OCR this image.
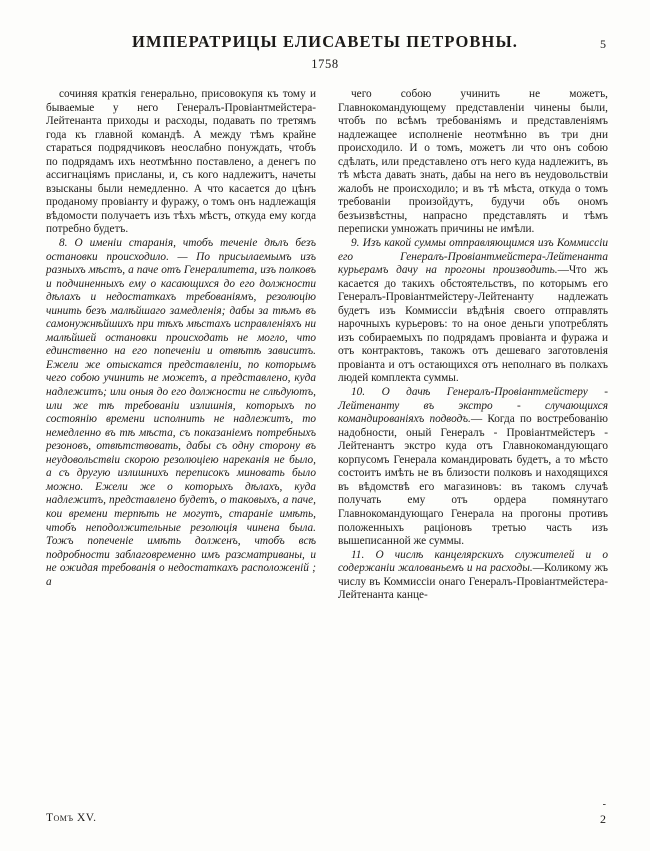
ИМПЕРАТРИЦЫ ЕЛИСАВЕТЫ ПЕТРОВНЫ.	5
1758

сочиняя краткія генерально, присовокупя къ тому и бываемые у него Генералъ-Провіантмейстера-Лейтенанта приходы и расходы, подавать по третямъ года къ главной командѣ. А между тѣмъ крайне стараться подрядчиковъ неослабно понуждать, чтобъ по подрядамъ ихъ неотмѣнно поставлено, а денегъ по ассигнаціямъ присланы, и, съ кого надлежитъ, начеты взысканы были немедленно. А что касается до цѣнъ проданому провіанту и фуражу, о томъ онъ надлежащія вѣдомости получаетъ изъ тѣхъ мѣстъ, откуда ему когда потребно будетъ.

8. О именіи старанія, чтобъ теченіе дѣлъ безъ остановки происходило. — По присылаемымъ изъ разныхъ мѣстъ, а паче отъ Генералитета, изъ полковъ и подчиненныхъ ему о касающихся до его должности дѣлахъ и недостаткахъ требованіямъ, резолюцію чинить безъ малѣйшаго замедленія; дабы за тѣмъ въ самонужнѣйшихъ при тѣхъ мѣстахъ исправленіяхъ ни малѣйшей остановки происходать не могло, что единственно на его попеченіи и отвѣтѣ зависитъ. Ежели же отыскатся представленіи, по которымъ чего собою учинить не можетъ, а представлено, куда надлежитъ; или оныя до его должности не слѣдуютъ, или же тѣ требованіи излишнія, которыхъ по состоянію времени исполнить не надлежитъ, то немедленно въ тѣ мѣста, съ показаніемъ потребныхъ резоновъ, отвѣтствовать, дабы съ одну сторону въ неудовольствіи скорою резолюціею нареканія не было, а съ другую излишнихъ переписокъ миновать было можно. Ежели же о которыхъ дѣлахъ, куда надлежитъ, представлено будетъ, о таковыхъ, а паче, кои времени терпѣть не могутъ, стараніе имѣть, чтобъ неподолжительные резолюція чинена была. Тожъ попеченіе имѣть долженъ, чтобъ всѣ подробности заблаговременно имъ разсматриваны, и не ожидая требованія о недостаткахъ расположеній ; а

чего собою учинить не можетъ, Главнокомандующему представленіи чинены были, чтобъ по всѣмъ требованіямъ и представленіямъ надлежащее исполненіе неотмѣнно въ три дни происходило. И о томъ, можетъ ли что онъ собою сдѣлать, или представлено отъ него куда надлежитъ, въ тѣ мѣста давать знать, дабы на него въ неудовольствіи жалобъ не происходило; и въ тѣ мѣста, откуда о томъ требованіи произойдутъ, будучи объ ономъ безъизвѣстны, напрасно представлять и тѣмъ переписки умножать причины не имѣли.

9. Изъ какой суммы отправляющимся изъ Коммиссіи его Генералъ-Провіантмейстера-Лейтенанта курьерамъ дачу на прогоны производить.—Что жъ касается до такихъ обстоятельствъ, по которымъ его Генералъ-Провіантмейстеру-Лейтенанту надлежать будетъ изъ Коммиссіи вѣдѣнія своего отправлять нарочныхъ курьеровъ: то на оное деньги употреблять изъ собираемыхъ по подрядамъ провіанта и фуража и отъ контрактовъ, такожъ отъ дешеваго заготовленія провіанта и отъ остающихся отъ неполнаго въ полкахъ людей комплекта суммы.

10. О дачѣ Генералъ-Провіантмейстеру - Лейтенанту въ экстро - случающихся командированіяхъ подводъ.— Когда по востребованію надобности, оный Генералъ - Провіантмейстеръ - Лейтенантъ экстро куда отъ Главнокомандующаго корпусомъ Генерала командировать будетъ, а то мѣсто состоитъ имѣть не въ близости полковъ и находящихся въ вѣдомствѣ его магазиновъ: въ такомъ случаѣ получать ему отъ ордера помянутаго Главнокомандующаго Генерала на прогоны противъ положенныхъ раціоновъ третью часть изъ вышеписанной же суммы.

11. О числѣ канцелярскихъ служителей и о содержаніи жалованьемъ и на расходы.—Коликому жъ числу въ Коммиссіи онаго Генералъ-Провіантмейстера-Лейтенанта канце-

Томъ XV.
-
2
